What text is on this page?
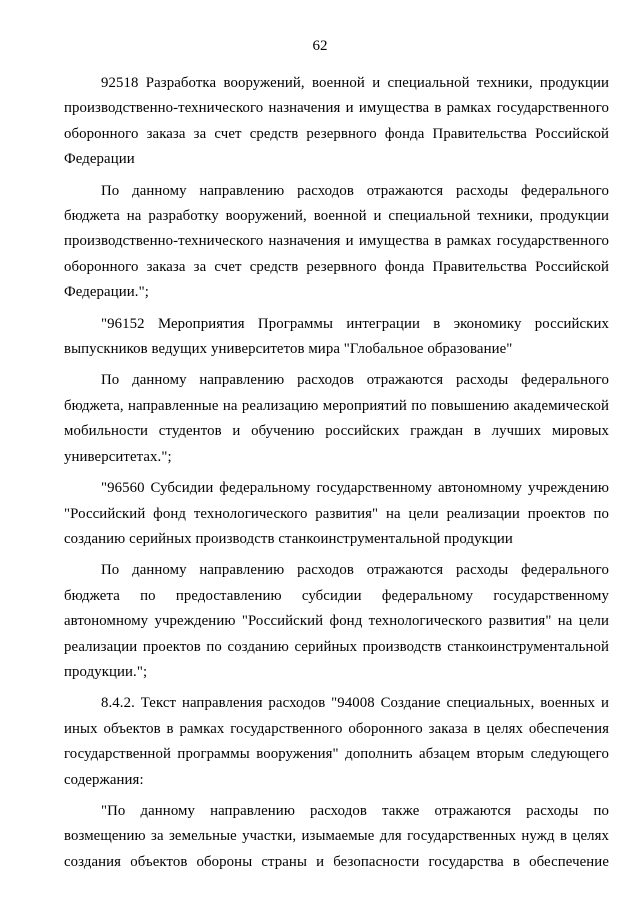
62

92518 Разработка вооружений, военной и специальной техники, продукции
производственно-технического назначения и имущества в рамках государственного
оборонного заказа за счет средств резервного фонда Правительства Российской
Федерации

По данному направлению расходов отражаются расходы федерального
бюджета на разработку вооружений, военной и специальной техники, продукции
производственно-технического назначения и имущества в рамках государственного
оборонного заказа за счет средств резервного фонда Правительства Российской
Федерации.";

"96152 Мероприятия Программы интеграции в экономику российских
выпускников ведущих университетов мира "Глобальное образование"

По данному направлению расходов отражаются расходы федерального
бюджета, направленные на реализацию мероприятий по повышению академической
мобильности студентов и обучению российских граждан в лучших мировых
университетах.";

"96560 Субсидии федеральному государственному автономному учреждению
"Российский фонд технологического развития" на цели реализации проектов по
созданию серийных производств станкоинструментальной продукции

По данному направлению расходов отражаются расходы федерального
бюджета по предоставлению субсидии федеральному государственному
автономному учреждению "Российский фонд технологического развития" на цели
реализации проектов по созданию серийных производств станкоинструментальной
продукции.";

8.4.2. Текст направления расходов "94008 Создание специальных, военных и
иных объектов в рамках государственного оборонного заказа в целях обеспечения
государственной программы вооружения" дополнить абзацем вторым следующего
содержания:

"По данному направлению расходов также отражаются расходы по
возмещению за земельные участки, изымаемые для государственных нужд в целях
создания объектов обороны страны и безопасности государства в обеспечение
